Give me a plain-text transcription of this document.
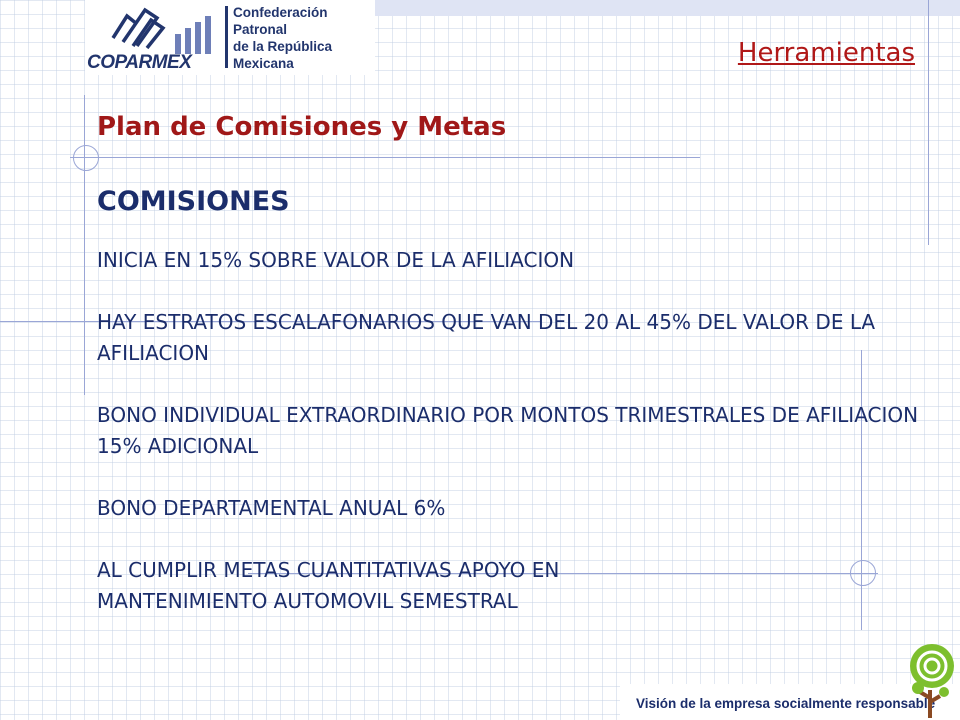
COPARMEX
Confederación
Patronal
de la República
Mexicana	Herramientas
Plan de Comisiones y Metas
COMISIONES

INICIA EN 15% SOBRE VALOR DE LA AFILIACION

HAY ESTRATOS ESCALAFONARIOS QUE VAN DEL 20 AL 45% DEL VALOR DE LA AFILIACION

BONO INDIVIDUAL EXTRAORDINARIO POR MONTOS TRIMESTRALES DE AFILIACION 15% ADICIONAL

BONO DEPARTAMENTAL ANUAL 6%

AL CUMPLIR METAS CUANTITATIVAS APOYO EN MANTENIMIENTO AUTOMOVIL SEMESTRAL

Visión de la empresa socialmente responsable
